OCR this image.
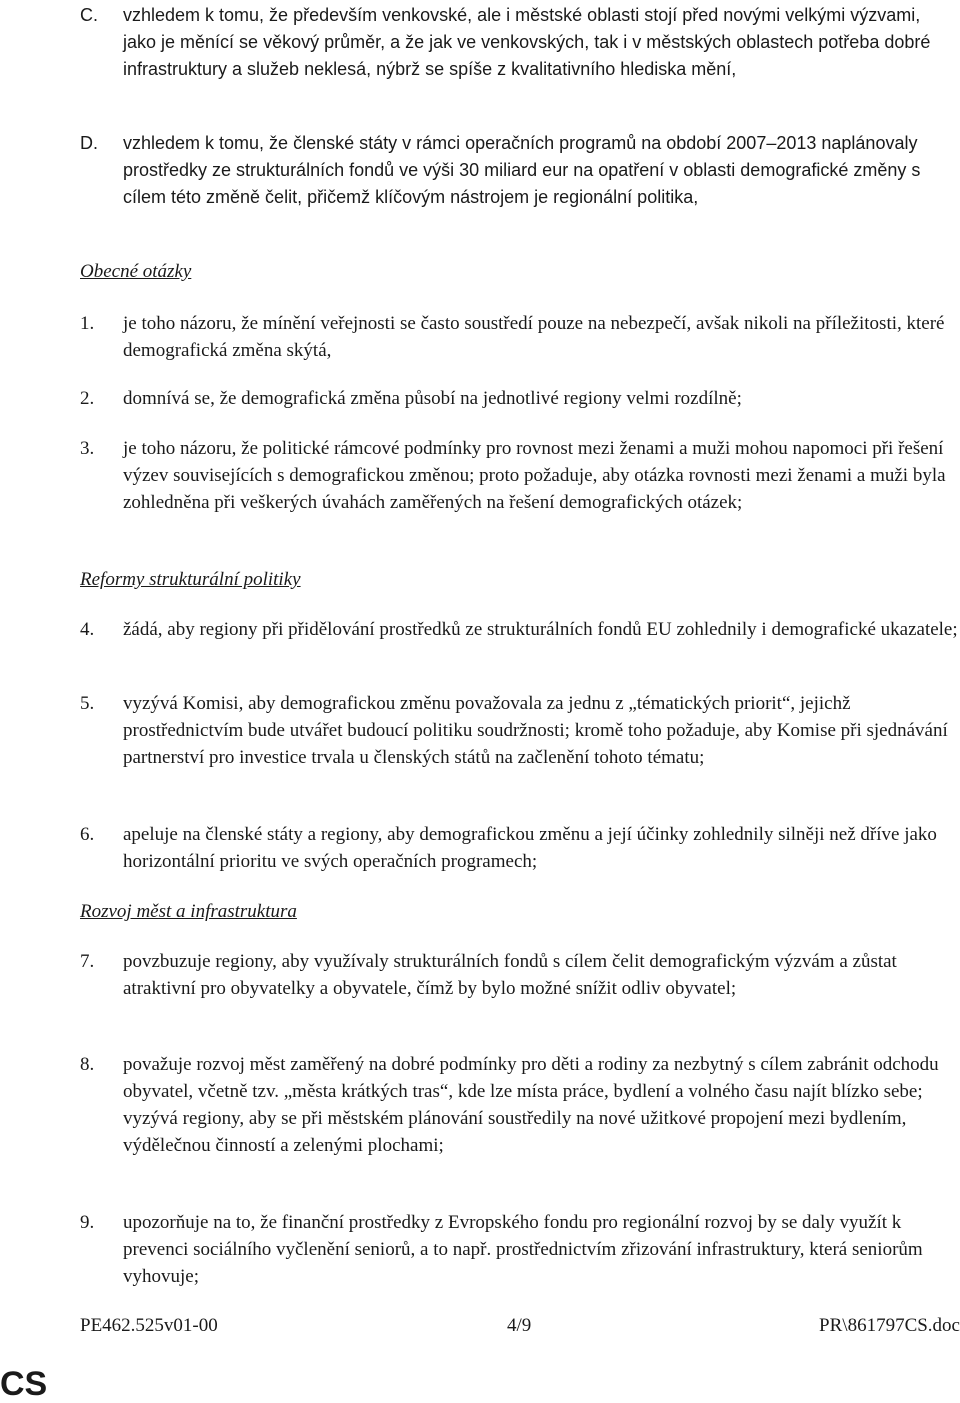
C. vzhledem k tomu, že především venkovské, ale i městské oblasti stojí před novými velkými výzvami, jako je měnící se věkový průměr, a že jak ve venkovských, tak i v městských oblastech potřeba dobré infrastruktury a služeb neklesá, nýbrž se spíše z kvalitativního hlediska mění,
D. vzhledem k tomu, že členské státy v rámci operačních programů na období 2007–2013 naplánovaly prostředky ze strukturálních fondů ve výši 30 miliard eur na opatření v oblasti demografické změny s cílem této změně čelit, přičemž klíčovým nástrojem je regionální politika,
Obecné otázky
1. je toho názoru, že mínění veřejnosti se často soustředí pouze na nebezpečí, avšak nikoli na příležitosti, které demografická změna skýtá,
2. domnívá se, že demografická změna působí na jednotlivé regiony velmi rozdílně;
3. je toho názoru, že politické rámcové podmínky pro rovnost mezi ženami a muži mohou napomoci při řešení výzev souvisejících s demografickou změnou; proto požaduje, aby otázka rovnosti mezi ženami a muži byla zohledněna při veškerých úvahách zaměřených na řešení demografických otázek;
Reformy strukturální politiky
4. žádá, aby regiony při přidělování prostředků ze strukturálních fondů EU zohlednily i demografické ukazatele;
5. vyzývá Komisi, aby demografickou změnu považovala za jednu z „tématických priorit“, jejichž prostřednictvím bude utvářet budoucí politiku soudržnosti; kromě toho požaduje, aby Komise při sjednávání partnerství pro investice trvala u členských států na začlenění tohoto tématu;
6. apeluje na členské státy a regiony, aby demografickou změnu a její účinky zohlednily silněji než dříve jako horizontální prioritu ve svých operačních programech;
Rozvoj měst a infrastruktura
7. povzbuzuje regiony, aby využívaly strukturálních fondů s cílem čelit demografickým výzvám a zůstat atraktivní pro obyvatelky a obyvatele, čímž by bylo možné snížit odliv obyvatel;
8. považuje rozvoj měst zaměřený na dobré podmínky pro děti a rodiny za nezbytný s cílem zabránit odchodu obyvatel, včetně tzv. „města krátkých tras“, kde lze místa práce, bydlení a volného času najít blízko sebe; vyzývá regiony, aby se při městském plánování soustředily na nové užitkové propojení mezi bydlením, výdělečnou činností a zelenými plochami;
9. upozorňuje na to, že finanční prostředky z Evropského fondu pro regionální rozvoj by se daly využít k prevenci sociálního vyčlenění seniorů, a to např. prostřednictvím zřizování infrastruktury, která seniorům vyhovuje;
PE462.525v01-00	4/9	PR\861797CS.doc
CS
